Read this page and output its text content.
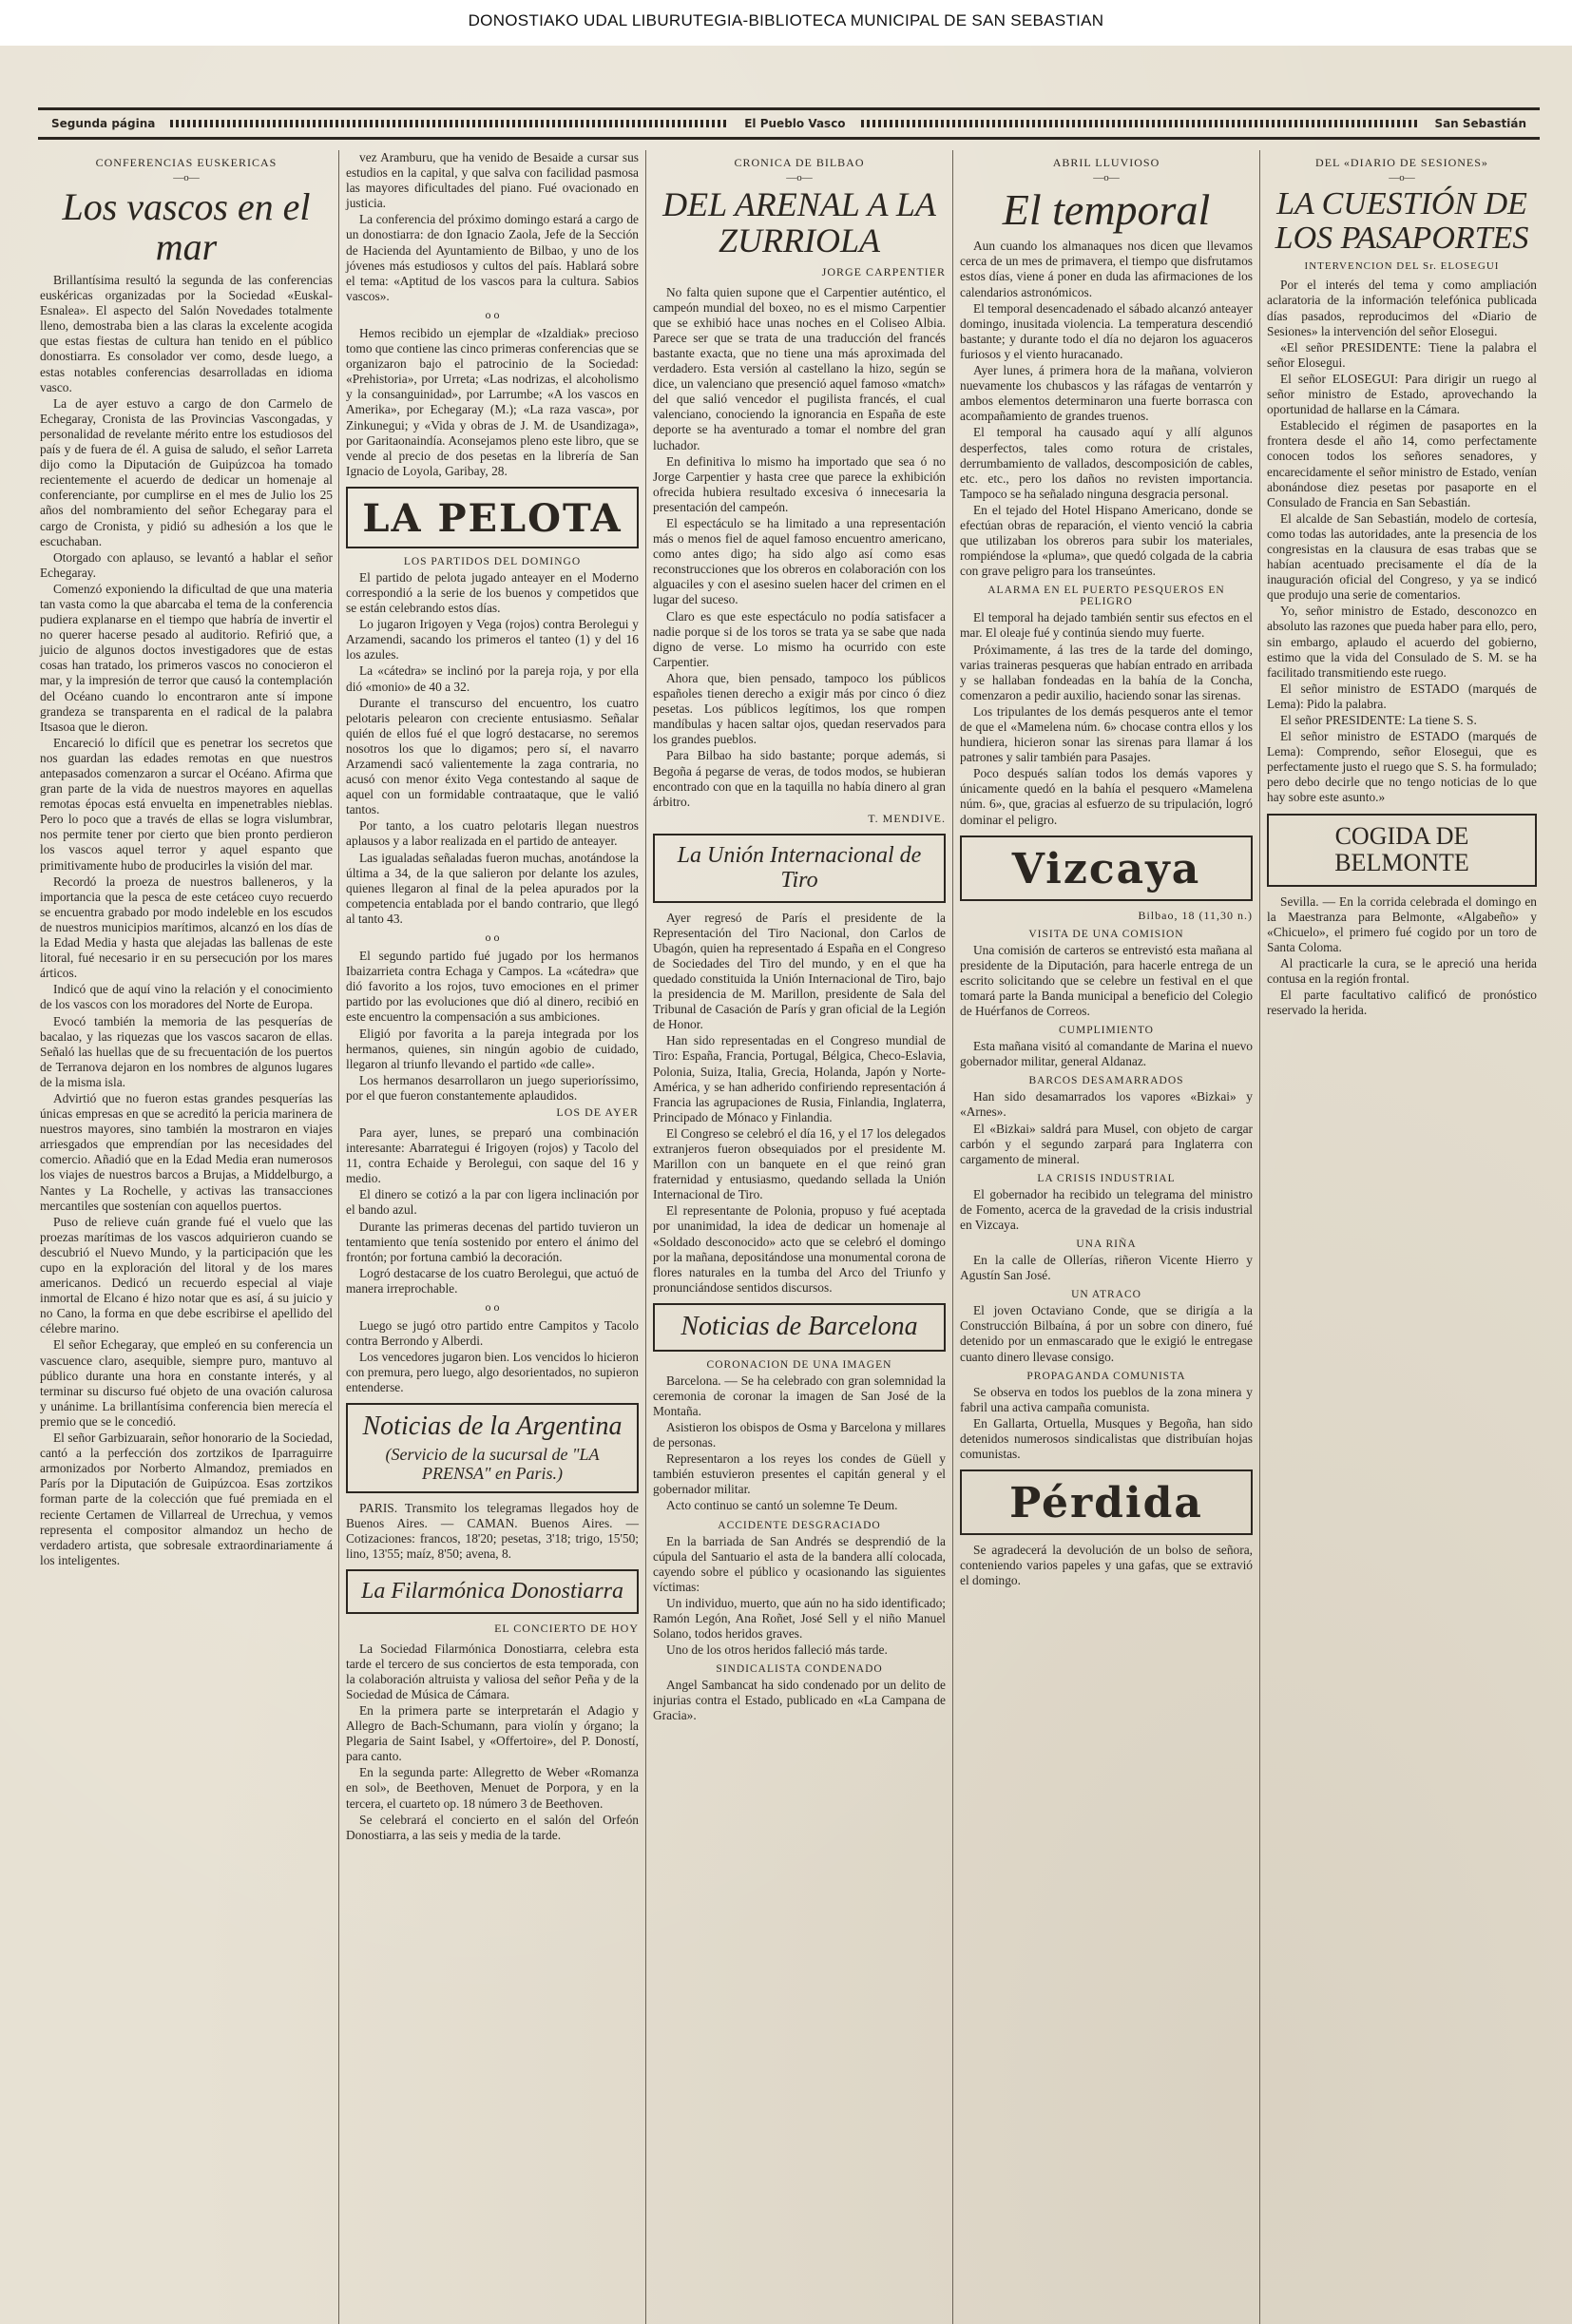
DONOSTIAKO UDAL LIBURUTEGIA-BIBLIOTECA MUNICIPAL DE SAN SEBASTIAN
Segunda página	El Pueblo Vasco	San Sebastián
CONFERENCIAS EUSKERICAS
—o—
Los vascos en el mar

Brillantísima resultó la segunda de las conferencias euskéricas organizadas por la Sociedad «Euskal-Esnalea». El aspecto del Salón Novedades totalmente lleno, demostraba bien a las claras la excelente acogida que estas fiestas de cultura han tenido en el público donostiarra. Es consolador ver como, desde luego, a estas notables conferencias desarrolladas en idioma vasco.

La de ayer estuvo a cargo de don Carmelo de Echegaray, Cronista de las Provincias Vascongadas, y personalidad de revelante mérito entre los estudiosos del país y de fuera de él. A guisa de saludo, el señor Larreta dijo como la Diputación de Guipúzcoa ha tomado recientemente el acuerdo de dedicar un homenaje al conferenciante, por cumplirse en el mes de Julio los 25 años del nombramiento del señor Echegaray para el cargo de Cronista, y pidió su adhesión a los que le escuchaban.

Otorgado con aplauso, se levantó a hablar el señor Echegaray.

Comenzó exponiendo la dificultad de que una materia tan vasta como la que abarcaba el tema de la conferencia pudiera explanarse en el tiempo que habría de invertir el no querer hacerse pesado al auditorio. Refirió que, a juicio de algunos doctos investigadores que de estas cosas han tratado, los primeros vascos no conocieron el mar, y la impresión de terror que causó la contemplación del Océano cuando lo encontraron ante sí impone grandeza se transparenta en el radical de la palabra Itsasoa que le dieron.

Encareció lo difícil que es penetrar los secretos que nos guardan las edades remotas en que nuestros antepasados comenzaron a surcar el Océano. Afirma que gran parte de la vida de nuestros mayores en aquellas remotas épocas está envuelta en impenetrables nieblas. Pero lo poco que a través de ellas se logra vislumbrar, nos permite tener por cierto que bien pronto perdieron los vascos aquel terror y aquel espanto que primitivamente hubo de producirles la visión del mar.

Recordó la proeza de nuestros balleneros, y la importancia que la pesca de este cetáceo cuyo recuerdo se encuentra grabado por modo indeleble en los escudos de nuestros municipios marítimos, alcanzó en los días de la Edad Media y hasta que alejadas las ballenas de este litoral, fué necesario ir en su persecución por los mares árticos.

Indicó que de aquí vino la relación y el conocimiento de los vascos con los moradores del Norte de Europa.

Evocó también la memoria de las pesquerías de bacalao, y las riquezas que los vascos sacaron de ellas. Señaló las huellas que de su frecuentación de los puertos de Terranova dejaron en los nombres de algunos lugares de la misma isla.

Advirtió que no fueron estas grandes pesquerías las únicas empresas en que se acreditó la pericia marinera de nuestros mayores, sino también la mostraron en viajes arriesgados que emprendían por las necesidades del comercio. Añadió que en la Edad Media eran numerosos los viajes de nuestros barcos a Brujas, a Middelburgo, a Nantes y La Rochelle, y activas las transacciones mercantiles que sostenían con aquellos puertos.

Puso de relieve cuán grande fué el vuelo que las proezas marítimas de los vascos adquirieron cuando se descubrió el Nuevo Mundo, y la participación que les cupo en la exploración del litoral y de los mares americanos. Dedicó un recuerdo especial al viaje inmortal de Elcano é hizo notar que es así, á su juicio y no Cano, la forma en que debe escribirse el apellido del célebre marino.

El señor Echegaray, que empleó en su conferencia un vascuence claro, asequible, siempre puro, mantuvo al público durante una hora en constante interés, y al terminar su discurso fué objeto de una ovación calurosa y unánime. La brillantísima conferencia bien merecía el premio que se le concedió.

El señor Garbizuarain, señor honorario de la Sociedad, cantó a la perfección dos zortzikos de Iparraguirre armonizados por Norberto Almandoz, premiados en París por la Diputación de Guipúzcoa. Esas zortzikos forman parte de la colección que fué premiada en el reciente Certamen de Villarreal de Urrechua, y vemos representa el compositor almandoz un hecho de verdadero artista, que sobresale extraordinariamente á los inteligentes.

vez Aramburu, que ha venido de Besaide a cursar sus estudios en la capital, y que salva con facilidad pasmosa las mayores dificultades del piano. Fué ovacionado en justicia.

La conferencia del próximo domingo estará a cargo de un donostiarra: de don Ignacio Zaola, Jefe de la Sección de Hacienda del Ayuntamiento de Bilbao, y uno de los jóvenes más estudiosos y cultos del país. Hablará sobre el tema: «Aptitud de los vascos para la cultura. Sabios vascos».

o o

Hemos recibido un ejemplar de «Izaldiak» precioso tomo que contiene las cinco primeras conferencias que se organizaron bajo el patrocinio de la Sociedad: «Prehistoria», por Urreta; «Las nodrizas, el alcoholismo y la consanguinidad», por Larrumbe; «A los vascos en Amerika», por Echegaray (M.); «La raza vasca», por Zinkunegui; y «Vida y obras de J. M. de Usandizaga», por Garitaonaindía. Aconsejamos pleno este libro, que se vende al precio de dos pesetas en la librería de San Ignacio de Loyola, Garibay, 28.

LA PELOTA
LOS PARTIDOS DEL DOMINGO

El partido de pelota jugado anteayer en el Moderno correspondió a la serie de los buenos y competidos que se están celebrando estos días.

Lo jugaron Irigoyen y Vega (rojos) contra Berolegui y Arzamendi, sacando los primeros el tanteo (1) y del 16 los azules.

La «cátedra» se inclinó por la pareja roja, y por ella dió «monio» de 40 a 32.

Durante el transcurso del encuentro, los cuatro pelotaris pelearon con creciente entusiasmo. Señalar quién de ellos fué el que logró destacarse, no seremos nosotros los que lo digamos; pero sí, el navarro Arzamendi sacó valientemente la zaga contraria, no acusó con menor éxito Vega contestando al saque de aquel con un formidable contraataque, que le valió tantos.

Por tanto, a los cuatro pelotaris llegan nuestros aplausos y a labor realizada en el partido de anteayer.

Las igualadas señaladas fueron muchas, anotándose la última a 34, de la que salieron por delante los azules, quienes llegaron al final de la pelea apurados por la competencia entablada por el bando contrario, que llegó al tanto 43.

o o

El segundo partido fué jugado por los hermanos Ibaizarrieta contra Echaga y Campos. La «cátedra» que dió favorito a los rojos, tuvo emociones en el primer partido por las evoluciones que dió al dinero, recibió en este encuentro la compensación a sus ambiciones.

Eligió por favorita a la pareja integrada por los hermanos, quienes, sin ningún agobio de cuidado, llegaron al triunfo llevando el partido «de calle».

Los hermanos desarrollaron un juego superioríssimo, por el que fueron constantemente aplaudidos.

LOS DE AYER

Para ayer, lunes, se preparó una combinación interesante: Abarrategui é Irigoyen (rojos) y Tacolo del 11, contra Echaide y Berolegui, con saque del 16 y medio.

El dinero se cotizó a la par con ligera inclinación por el bando azul.

Durante las primeras decenas del partido tuvieron un tentamiento que tenía sostenido por entero el ánimo del frontón; por fortuna cambió la decoración.

Logró destacarse de los cuatro Berolegui, que actuó de manera irreprochable.

o o

Luego se jugó otro partido entre Campitos y Tacolo contra Berrondo y Alberdi.

Los vencedores jugaron bien. Los vencidos lo hicieron con premura, pero luego, algo desorientados, no supieron entenderse.

Noticias de la Argentina
(Servicio de la sucursal de "LA PRENSA" en Paris.)

PARIS. Transmito los telegramas llegados hoy de Buenos Aires. — CAMAN. Buenos Aires. — Cotizaciones: francos, 18'20; pesetas, 3'18; trigo, 15'50; lino, 13'55; maíz, 8'50; avena, 8.

La Filarmónica Donostiarra
EL CONCIERTO DE HOY

La Sociedad Filarmónica Donostiarra, celebra esta tarde el tercero de sus conciertos de esta temporada, con la colaboración altruista y valiosa del señor Peña y de la Sociedad de Música de Cámara.

En la primera parte se interpretarán el Adagio y Allegro de Bach-Schumann, para violín y órgano; la Plegaria de Saint Isabel, y «Offertoire», del P. Doností, para canto.

En la segunda parte: Allegretto de Weber «Romanza en sol», de Beethoven, Menuet de Porpora, y en la tercera, el cuarteto op. 18 número 3 de Beethoven.

Se celebrará el concierto en el salón del Orfeón Donostiarra, a las seis y media de la tarde.

CRONICA DE BILBAO
—o—
DEL ARENAL A LA ZURRIOLA
JORGE CARPENTIER

No falta quien supone que el Carpentier auténtico, el campeón mundial del boxeo, no es el mismo Carpentier que se exhibió hace unas noches en el Coliseo Albia. Parece ser que se trata de una traducción del francés bastante exacta, que no tiene una más aproximada del verdadero. Esta versión al castellano la hizo, según se dice, un valenciano que presenció aquel famoso «match» del que salió vencedor el pugilista francés, el cual valenciano, conociendo la ignorancia en España de este deporte se ha aventurado a tomar el nombre del gran luchador.

En definitiva lo mismo ha importado que sea ó no Jorge Carpentier y hasta cree que parece la exhibición ofrecida hubiera resultado excesiva ó innecesaria la presentación del campeón.

El espectáculo se ha limitado a una representación más o menos fiel de aquel famoso encuentro americano, como antes digo; ha sido algo así como esas reconstrucciones que los obreros en colaboración con los alguaciles y con el asesino suelen hacer del crimen en el lugar del suceso.

Claro es que este espectáculo no podía satisfacer a nadie porque si de los toros se trata ya se sabe que nada digno de verse. Lo mismo ha ocurrido con este Carpentier.

Ahora que, bien pensado, tampoco los públicos españoles tienen derecho a exigir más por cinco ó diez pesetas. Los públicos legítimos, los que rompen mandíbulas y hacen saltar ojos, quedan reservados para los grandes pueblos.

Para Bilbao ha sido bastante; porque además, si Begoña á pegarse de veras, de todos modos, se hubieran encontrado con que en la taquilla no había dinero al gran árbitro.

T. MENDIVE.
La Unión Internacional de Tiro

Ayer regresó de París el presidente de la Representación del Tiro Nacional, don Carlos de Ubagón, quien ha representado á España en el Congreso de Sociedades del Tiro del mundo, y en el que ha quedado constituida la Unión Internacional de Tiro, bajo la presidencia de M. Marillon, presidente de Sala del Tribunal de Casación de París y gran oficial de la Legión de Honor.

Han sido representadas en el Congreso mundial de Tiro: España, Francia, Portugal, Bélgica, Checo-Eslavia, Polonia, Suiza, Italia, Grecia, Holanda, Japón y Norte-América, y se han adherido confiriendo representación á Francia las agrupaciones de Rusia, Finlandia, Inglaterra, Principado de Mónaco y Finlandia.

El Congreso se celebró el día 16, y el 17 los delegados extranjeros fueron obsequiados por el presidente M. Marillon con un banquete en el que reinó gran fraternidad y entusiasmo, quedando sellada la Unión Internacional de Tiro.

El representante de Polonia, propuso y fué aceptada por unanimidad, la idea de dedicar un homenaje al «Soldado desconocido» acto que se celebró el domingo por la mañana, depositándose una monumental corona de flores naturales en la tumba del Arco del Triunfo y pronunciándose sentidos discursos.

Noticias de Barcelona
CORONACION DE UNA IMAGEN

Barcelona. — Se ha celebrado con gran solemnidad la ceremonia de coronar la imagen de San José de la Montaña.

Asistieron los obispos de Osma y Barcelona y millares de personas.

Representaron a los reyes los condes de Güell y también estuvieron presentes el capitán general y el gobernador militar.

Acto continuo se cantó un solemne Te Deum.

ACCIDENTE DESGRACIADO

En la barriada de San Andrés se desprendió de la cúpula del Santuario el asta de la bandera allí colocada, cayendo sobre el público y ocasionando las siguientes víctimas:

Un individuo, muerto, que aún no ha sido identificado; Ramón Legón, Ana Roñet, José Sell y el niño Manuel Solano, todos heridos graves.

Uno de los otros heridos falleció más tarde.

SINDICALISTA CONDENADO

Angel Sambancat ha sido condenado por un delito de injurias contra el Estado, publicado en «La Campana de Gracia».

ABRIL LLUVIOSO
—o—
El temporal

Aun cuando los almanaques nos dicen que llevamos cerca de un mes de primavera, el tiempo que disfrutamos estos días, viene á poner en duda las afirmaciones de los calendarios astronómicos.

El temporal desencadenado el sábado alcanzó anteayer domingo, inusitada violencia. La temperatura descendió bastante; y durante todo el día no dejaron los aguaceros furiosos y el viento huracanado.

Ayer lunes, á primera hora de la mañana, volvieron nuevamente los chubascos y las ráfagas de ventarrón y ambos elementos determinaron una fuerte borrasca con acompañamiento de grandes truenos.

El temporal ha causado aquí y allí algunos desperfectos, tales como rotura de cristales, derrumbamiento de vallados, descomposición de cables, etc. etc., pero los daños no revisten importancia. Tampoco se ha señalado ninguna desgracia personal.

En el tejado del Hotel Hispano Americano, donde se efectúan obras de reparación, el viento venció la cabria que utilizaban los obreros para subir los materiales, rompiéndose la «pluma», que quedó colgada de la cabria con grave peligro para los transeúntes.

ALARMA EN EL PUERTO PESQUEROS EN PELIGRO

El temporal ha dejado también sentir sus efectos en el mar. El oleaje fué y continúa siendo muy fuerte.

Próximamente, á las tres de la tarde del domingo, varias traineras pesqueras que habían entrado en arribada y se hallaban fondeadas en la bahía de la Concha, comenzaron a pedir auxilio, haciendo sonar las sirenas.

Los tripulantes de los demás pesqueros ante el temor de que el «Mamelena núm. 6» chocase contra ellos y los hundiera, hicieron sonar las sirenas para llamar á los patrones y salir también para Pasajes.

Poco después salían todos los demás vapores y únicamente quedó en la bahía el pesquero «Mamelena núm. 6», que, gracias al esfuerzo de su tripulación, logró dominar el peligro.

Vizcaya
Bilbao, 18 (11,30 n.)
VISITA DE UNA COMISION

Una comisión de carteros se entrevistó esta mañana al presidente de la Diputación, para hacerle entrega de un escrito solicitando que se celebre un festival en el que tomará parte la Banda municipal a beneficio del Colegio de Huérfanos de Correos.

CUMPLIMIENTO

Esta mañana visitó al comandante de Marina el nuevo gobernador militar, general Aldanaz.

BARCOS DESAMARRADOS

Han sido desamarrados los vapores «Bizkai» y «Arnes».

El «Bizkai» saldrá para Musel, con objeto de cargar carbón y el segundo zarpará para Inglaterra con cargamento de mineral.

LA CRISIS INDUSTRIAL

El gobernador ha recibido un telegrama del ministro de Fomento, acerca de la gravedad de la crisis industrial en Vizcaya.

UNA RIÑA

En la calle de Ollerías, riñeron Vicente Hierro y Agustín San José.

UN ATRACO

El joven Octaviano Conde, que se dirigía a la Construcción Bilbaína, á por un sobre con dinero, fué detenido por un enmascarado que le exigió le entregase cuanto dinero llevase consigo.

PROPAGANDA COMUNISTA

Se observa en todos los pueblos de la zona minera y fabril una activa campaña comunista.

En Gallarta, Ortuella, Musques y Begoña, han sido detenidos numerosos sindicalistas que distribuían hojas comunistas.

Pérdida

Se agradecerá la devolución de un bolso de señora, conteniendo varios papeles y una gafas, que se extravió el domingo.

DEL «DIARIO DE SESIONES»
—o—
LA CUESTIÓN DE LOS PASAPORTES
INTERVENCION DEL Sr. ELOSEGUI

Por el interés del tema y como ampliación aclaratoria de la información telefónica publicada días pasados, reproducimos del «Diario de Sesiones» la intervención del señor Elosegui.

«El señor PRESIDENTE: Tiene la palabra el señor Elosegui.

El señor ELOSEGUI: Para dirigir un ruego al señor ministro de Estado, aprovechando la oportunidad de hallarse en la Cámara.

Establecido el régimen de pasaportes en la frontera desde el año 14, como perfectamente conocen todos los señores senadores, y encarecidamente el señor ministro de Estado, venían abonándose diez pesetas por pasaporte en el Consulado de Francia en San Sebastián.

El alcalde de San Sebastián, modelo de cortesía, como todas las autoridades, ante la presencia de los congresistas en la clausura de esas trabas que se habían acentuado precisamente el día de la inauguración oficial del Congreso, y ya se indicó que produjo una serie de comentarios.

Yo, señor ministro de Estado, desconozco en absoluto las razones que pueda haber para ello, pero, sin embargo, aplaudo el acuerdo del gobierno, estimo que la vida del Consulado de S. M. se ha facilitado transmitiendo este ruego.

El señor ministro de ESTADO (marqués de Lema): Pido la palabra.

El señor PRESIDENTE: La tiene S. S.

El señor ministro de ESTADO (marqués de Lema): Comprendo, señor Elosegui, que es perfectamente justo el ruego que S. S. ha formulado; pero debo decirle que no tengo noticias de lo que hay sobre este asunto.»

COGIDA DE BELMONTE

Sevilla. — En la corrida celebrada el domingo en la Maestranza para Belmonte, «Algabeño» y «Chicuelo», el primero fué cogido por un toro de Santa Coloma.

Al practicarle la cura, se le apreció una herida contusa en la región frontal.

El parte facultativo calificó de pronóstico reservado la herida.
